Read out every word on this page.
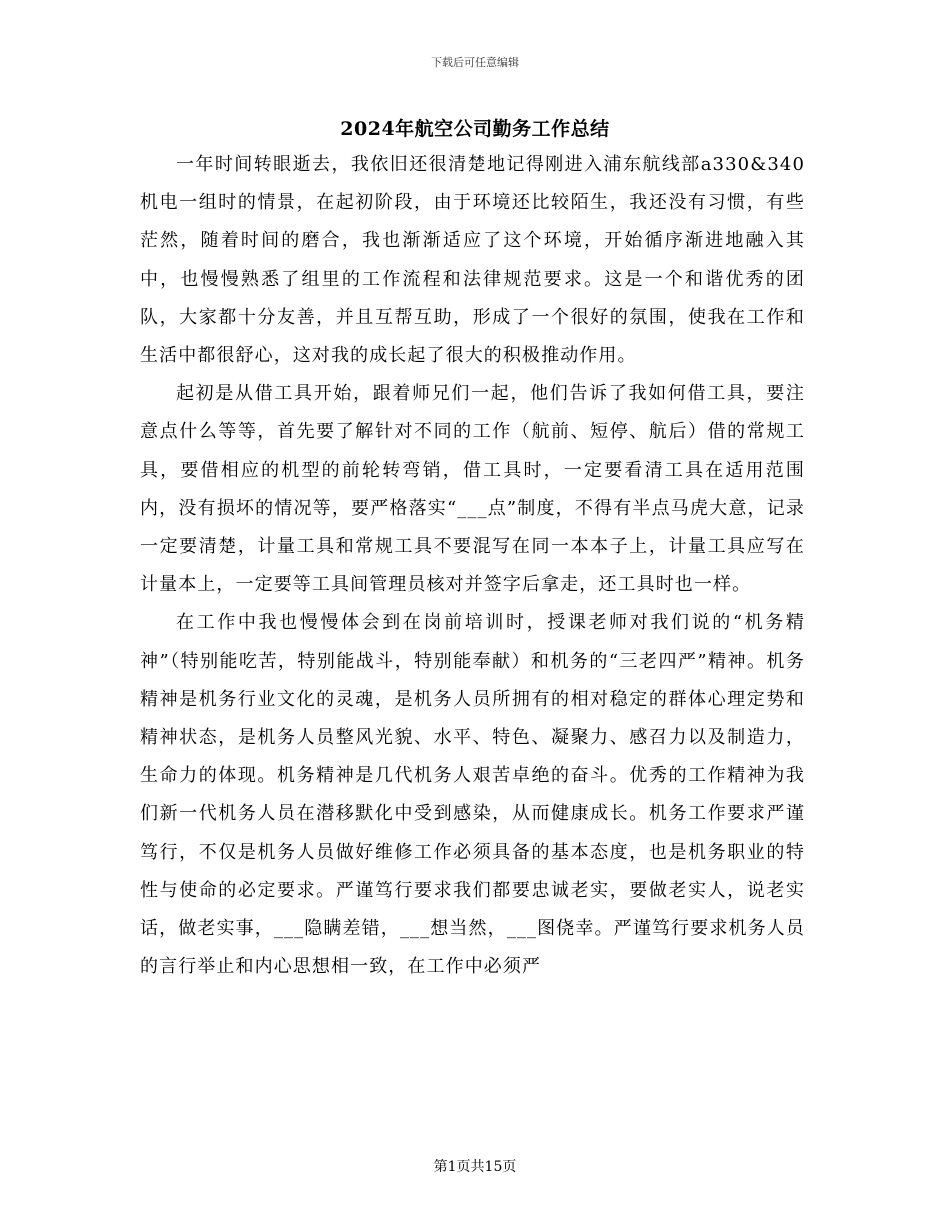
下载后可任意编辑
2024年航空公司勤务工作总结

一年时间转眼逝去，我依旧还很清楚地记得刚进入浦东航线部a330&340机电一组时的情景，在起初阶段，由于环境还比较陌生，我还没有习惯，有些茫然，随着时间的磨合，我也渐渐适应了这个环境，开始循序渐进地融入其中，也慢慢熟悉了组里的工作流程和法律规范要求。这是一个和谐优秀的团队，大家都十分友善，并且互帮互助，形成了一个很好的氛围，使我在工作和生活中都很舒心，这对我的成长起了很大的积极推动作用。

起初是从借工具开始，跟着师兄们一起，他们告诉了我如何借工具，要注意点什么等等，首先要了解针对不同的工作（航前、短停、航后）借的常规工具，要借相应的机型的前轮转弯销，借工具时，一定要看清工具在适用范围内，没有损坏的情况等，要严格落实“___点”制度，不得有半点马虎大意，记录一定要清楚，计量工具和常规工具不要混写在同一本本子上，计量工具应写在计量本上，一定要等工具间管理员核对并签字后拿走，还工具时也一样。

在工作中我也慢慢体会到在岗前培训时，授课老师对我们说的“机务精神”（特别能吃苦，特别能战斗，特别能奉献）和机务的“三老四严”精神。机务精神是机务行业文化的灵魂，是机务人员所拥有的相对稳定的群体心理定势和精神状态，是机务人员整风光貌、水平、特色、凝聚力、感召力以及制造力，生命力的体现。机务精神是几代机务人艰苦卓绝的奋斗。优秀的工作精神为我们新一代机务人员在潜移默化中受到感染，从而健康成长。机务工作要求严谨笃行，不仅是机务人员做好维修工作必须具备的基本态度，也是机务职业的特性与使命的必定要求。严谨笃行要求我们都要忠诚老实，要做老实人，说老实话，做老实事，___隐瞒差错，___想当然，___图侥幸。严谨笃行要求机务人员的言行举止和内心思想相一致，在工作中必须严

第1页共15页
